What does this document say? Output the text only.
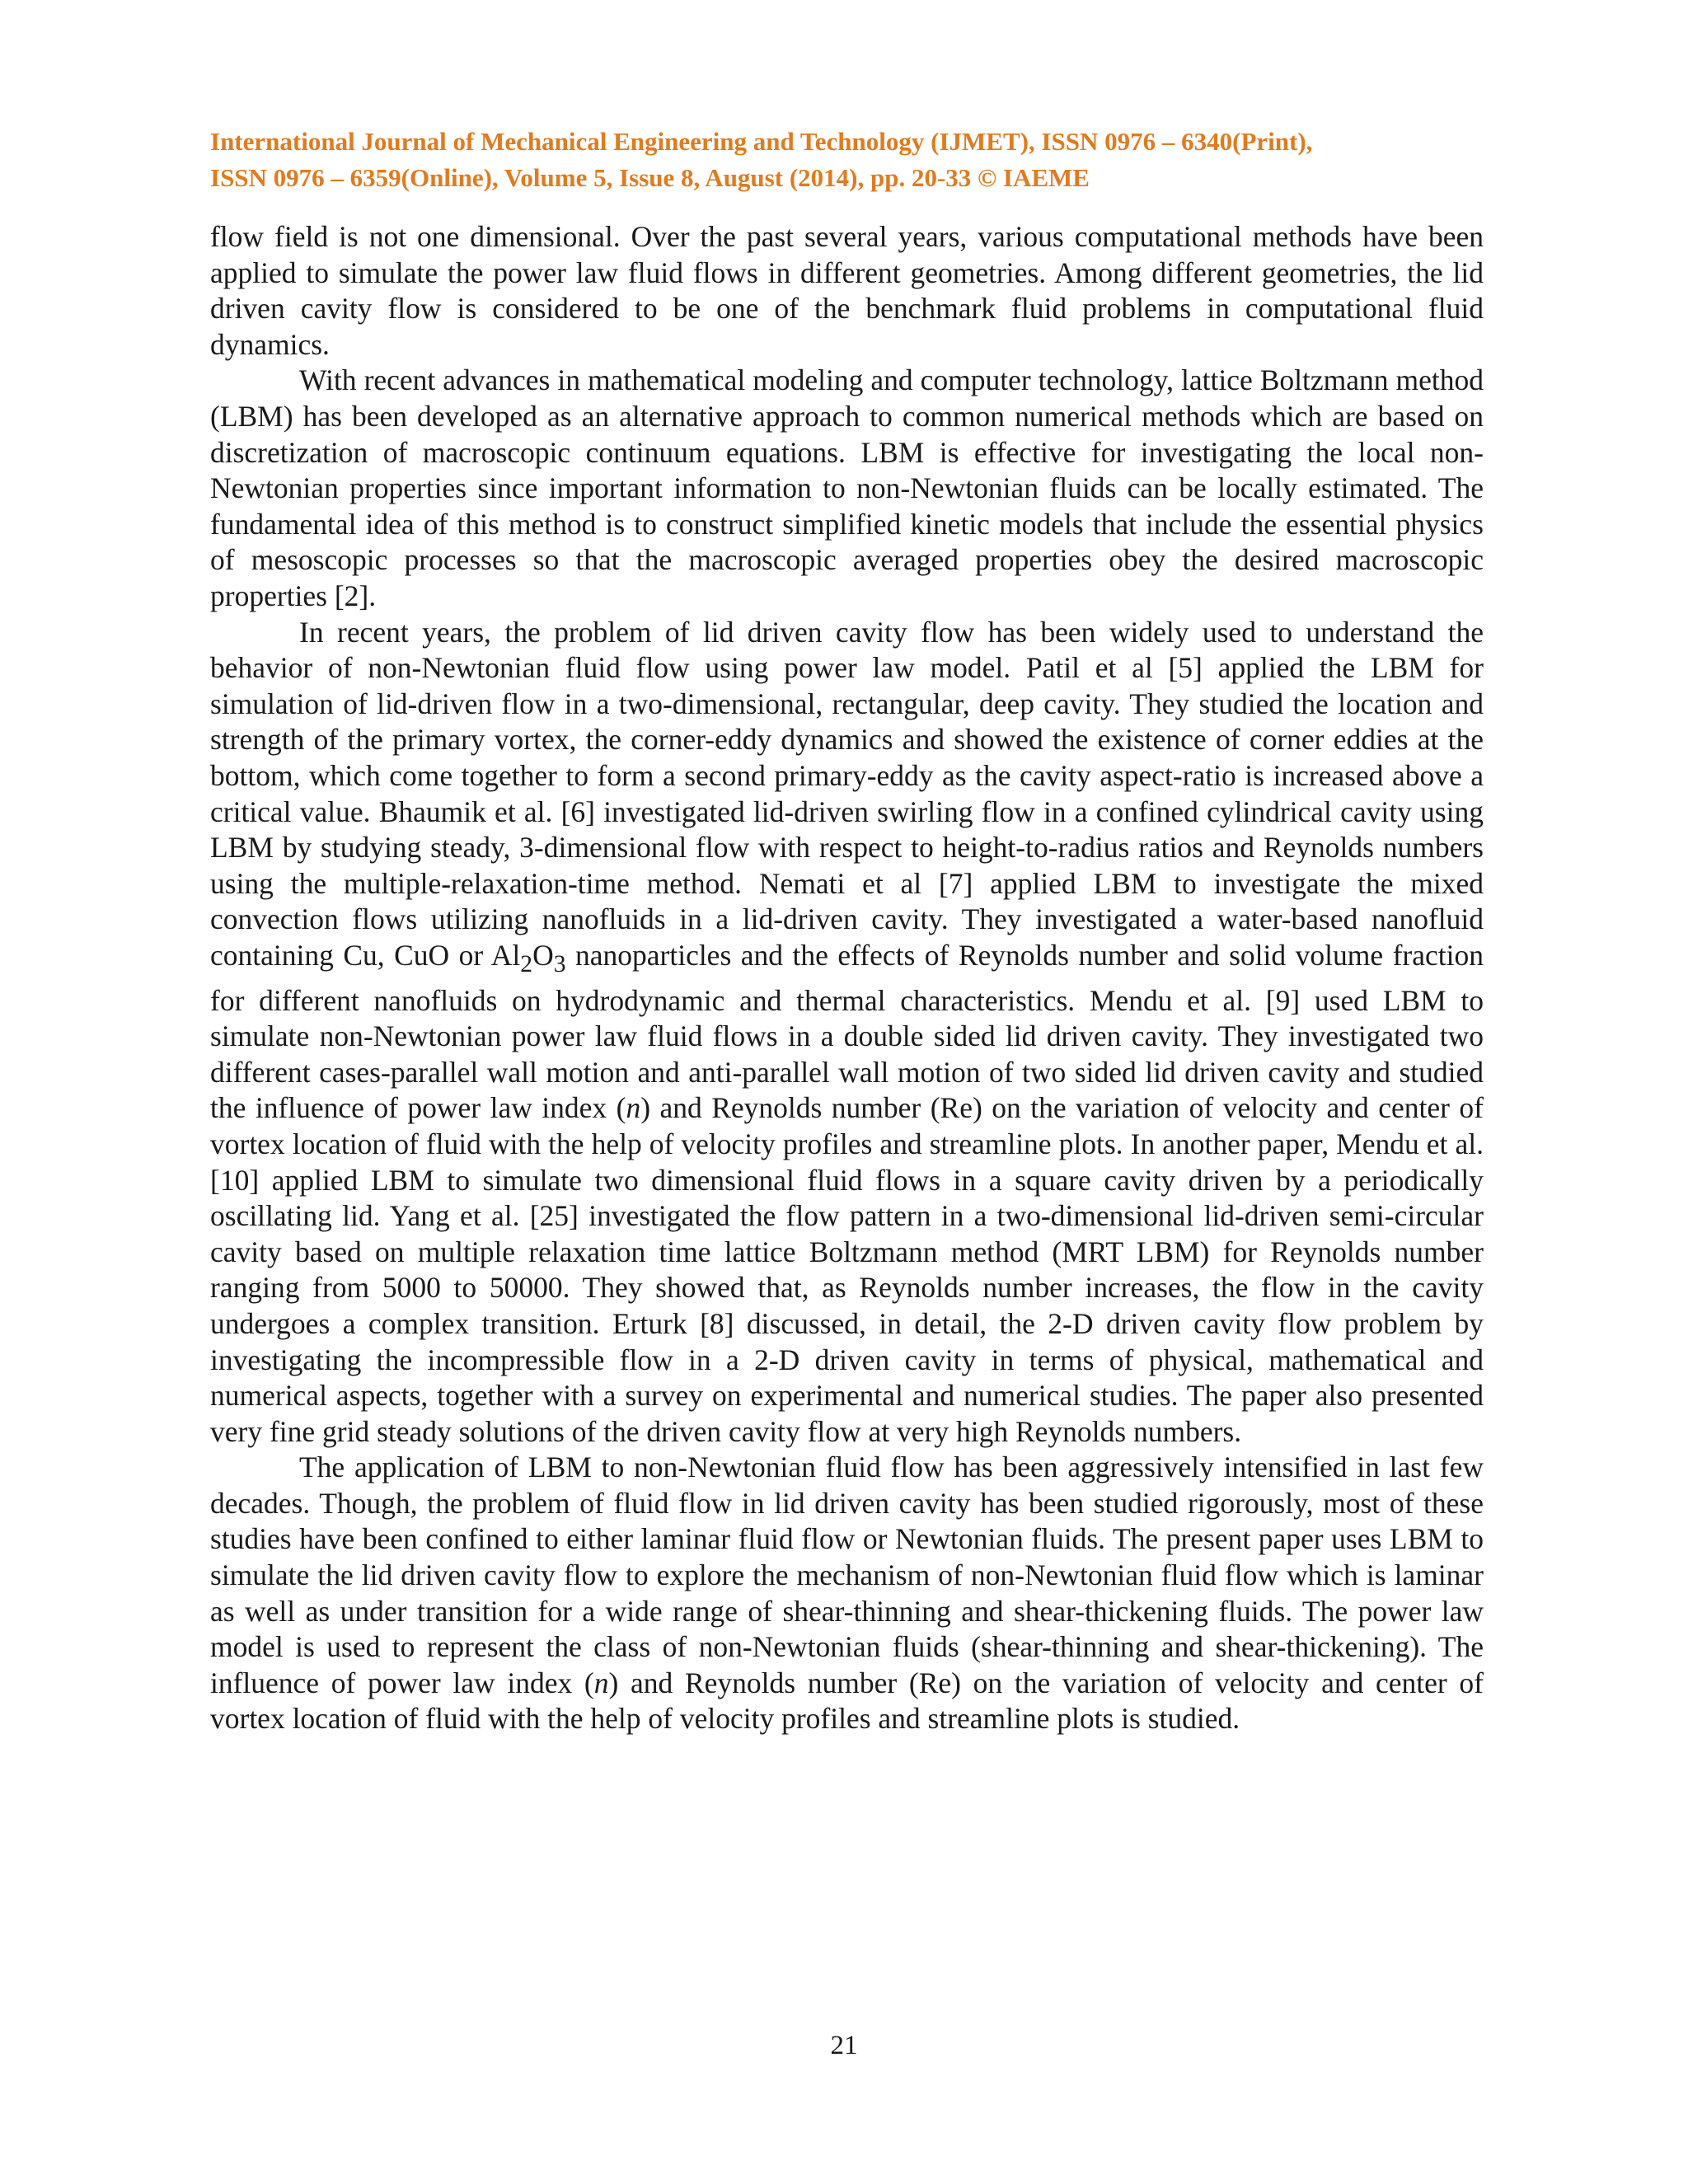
International Journal of Mechanical Engineering and Technology (IJMET), ISSN 0976 – 6340(Print),
ISSN 0976 – 6359(Online), Volume 5, Issue 8, August (2014), pp. 20-33 © IAEME

flow field is not one dimensional. Over the past several years, various computational methods have been applied to simulate the power law fluid flows in different geometries. Among different geometries, the lid driven cavity flow is considered to be one of the benchmark fluid problems in computational fluid dynamics.

With recent advances in mathematical modeling and computer technology, lattice Boltzmann method (LBM) has been developed as an alternative approach to common numerical methods which are based on discretization of macroscopic continuum equations. LBM is effective for investigating the local non-Newtonian properties since important information to non-Newtonian fluids can be locally estimated. The fundamental idea of this method is to construct simplified kinetic models that include the essential physics of mesoscopic processes so that the macroscopic averaged properties obey the desired macroscopic properties [2].

In recent years, the problem of lid driven cavity flow has been widely used to understand the behavior of non-Newtonian fluid flow using power law model. Patil et al [5] applied the LBM for simulation of lid-driven flow in a two-dimensional, rectangular, deep cavity. They studied the location and strength of the primary vortex, the corner-eddy dynamics and showed the existence of corner eddies at the bottom, which come together to form a second primary-eddy as the cavity aspect-ratio is increased above a critical value. Bhaumik et al. [6] investigated lid-driven swirling flow in a confined cylindrical cavity using LBM by studying steady, 3-dimensional flow with respect to height-to-radius ratios and Reynolds numbers using the multiple-relaxation-time method. Nemati et al [7] applied LBM to investigate the mixed convection flows utilizing nanofluids in a lid-driven cavity. They investigated a water-based nanofluid containing Cu, CuO or $Al_2O_3$ nanoparticles and the effects of Reynolds number and solid volume fraction for different nanofluids on hydrodynamic and thermal characteristics. Mendu et al. [9] used LBM to simulate non-Newtonian power law fluid flows in a double sided lid driven cavity. They investigated two different cases-parallel wall motion and anti-parallel wall motion of two sided lid driven cavity and studied the influence of power law index (n) and Reynolds number (Re) on the variation of velocity and center of vortex location of fluid with the help of velocity profiles and streamline plots. In another paper, Mendu et al. [10] applied LBM to simulate two dimensional fluid flows in a square cavity driven by a periodically oscillating lid. Yang et al. [25] investigated the flow pattern in a two-dimensional lid-driven semi-circular cavity based on multiple relaxation time lattice Boltzmann method (MRT LBM) for Reynolds number ranging from 5000 to 50000. They showed that, as Reynolds number increases, the flow in the cavity undergoes a complex transition. Erturk [8] discussed, in detail, the 2-D driven cavity flow problem by investigating the incompressible flow in a 2-D driven cavity in terms of physical, mathematical and numerical aspects, together with a survey on experimental and numerical studies. The paper also presented very fine grid steady solutions of the driven cavity flow at very high Reynolds numbers.

The application of LBM to non-Newtonian fluid flow has been aggressively intensified in last few decades. Though, the problem of fluid flow in lid driven cavity has been studied rigorously, most of these studies have been confined to either laminar fluid flow or Newtonian fluids. The present paper uses LBM to simulate the lid driven cavity flow to explore the mechanism of non-Newtonian fluid flow which is laminar as well as under transition for a wide range of shear-thinning and shear-thickening fluids. The power law model is used to represent the class of non-Newtonian fluids (shear-thinning and shear-thickening). The influence of power law index (n) and Reynolds number (Re) on the variation of velocity and center of vortex location of fluid with the help of velocity profiles and streamline plots is studied.

21
